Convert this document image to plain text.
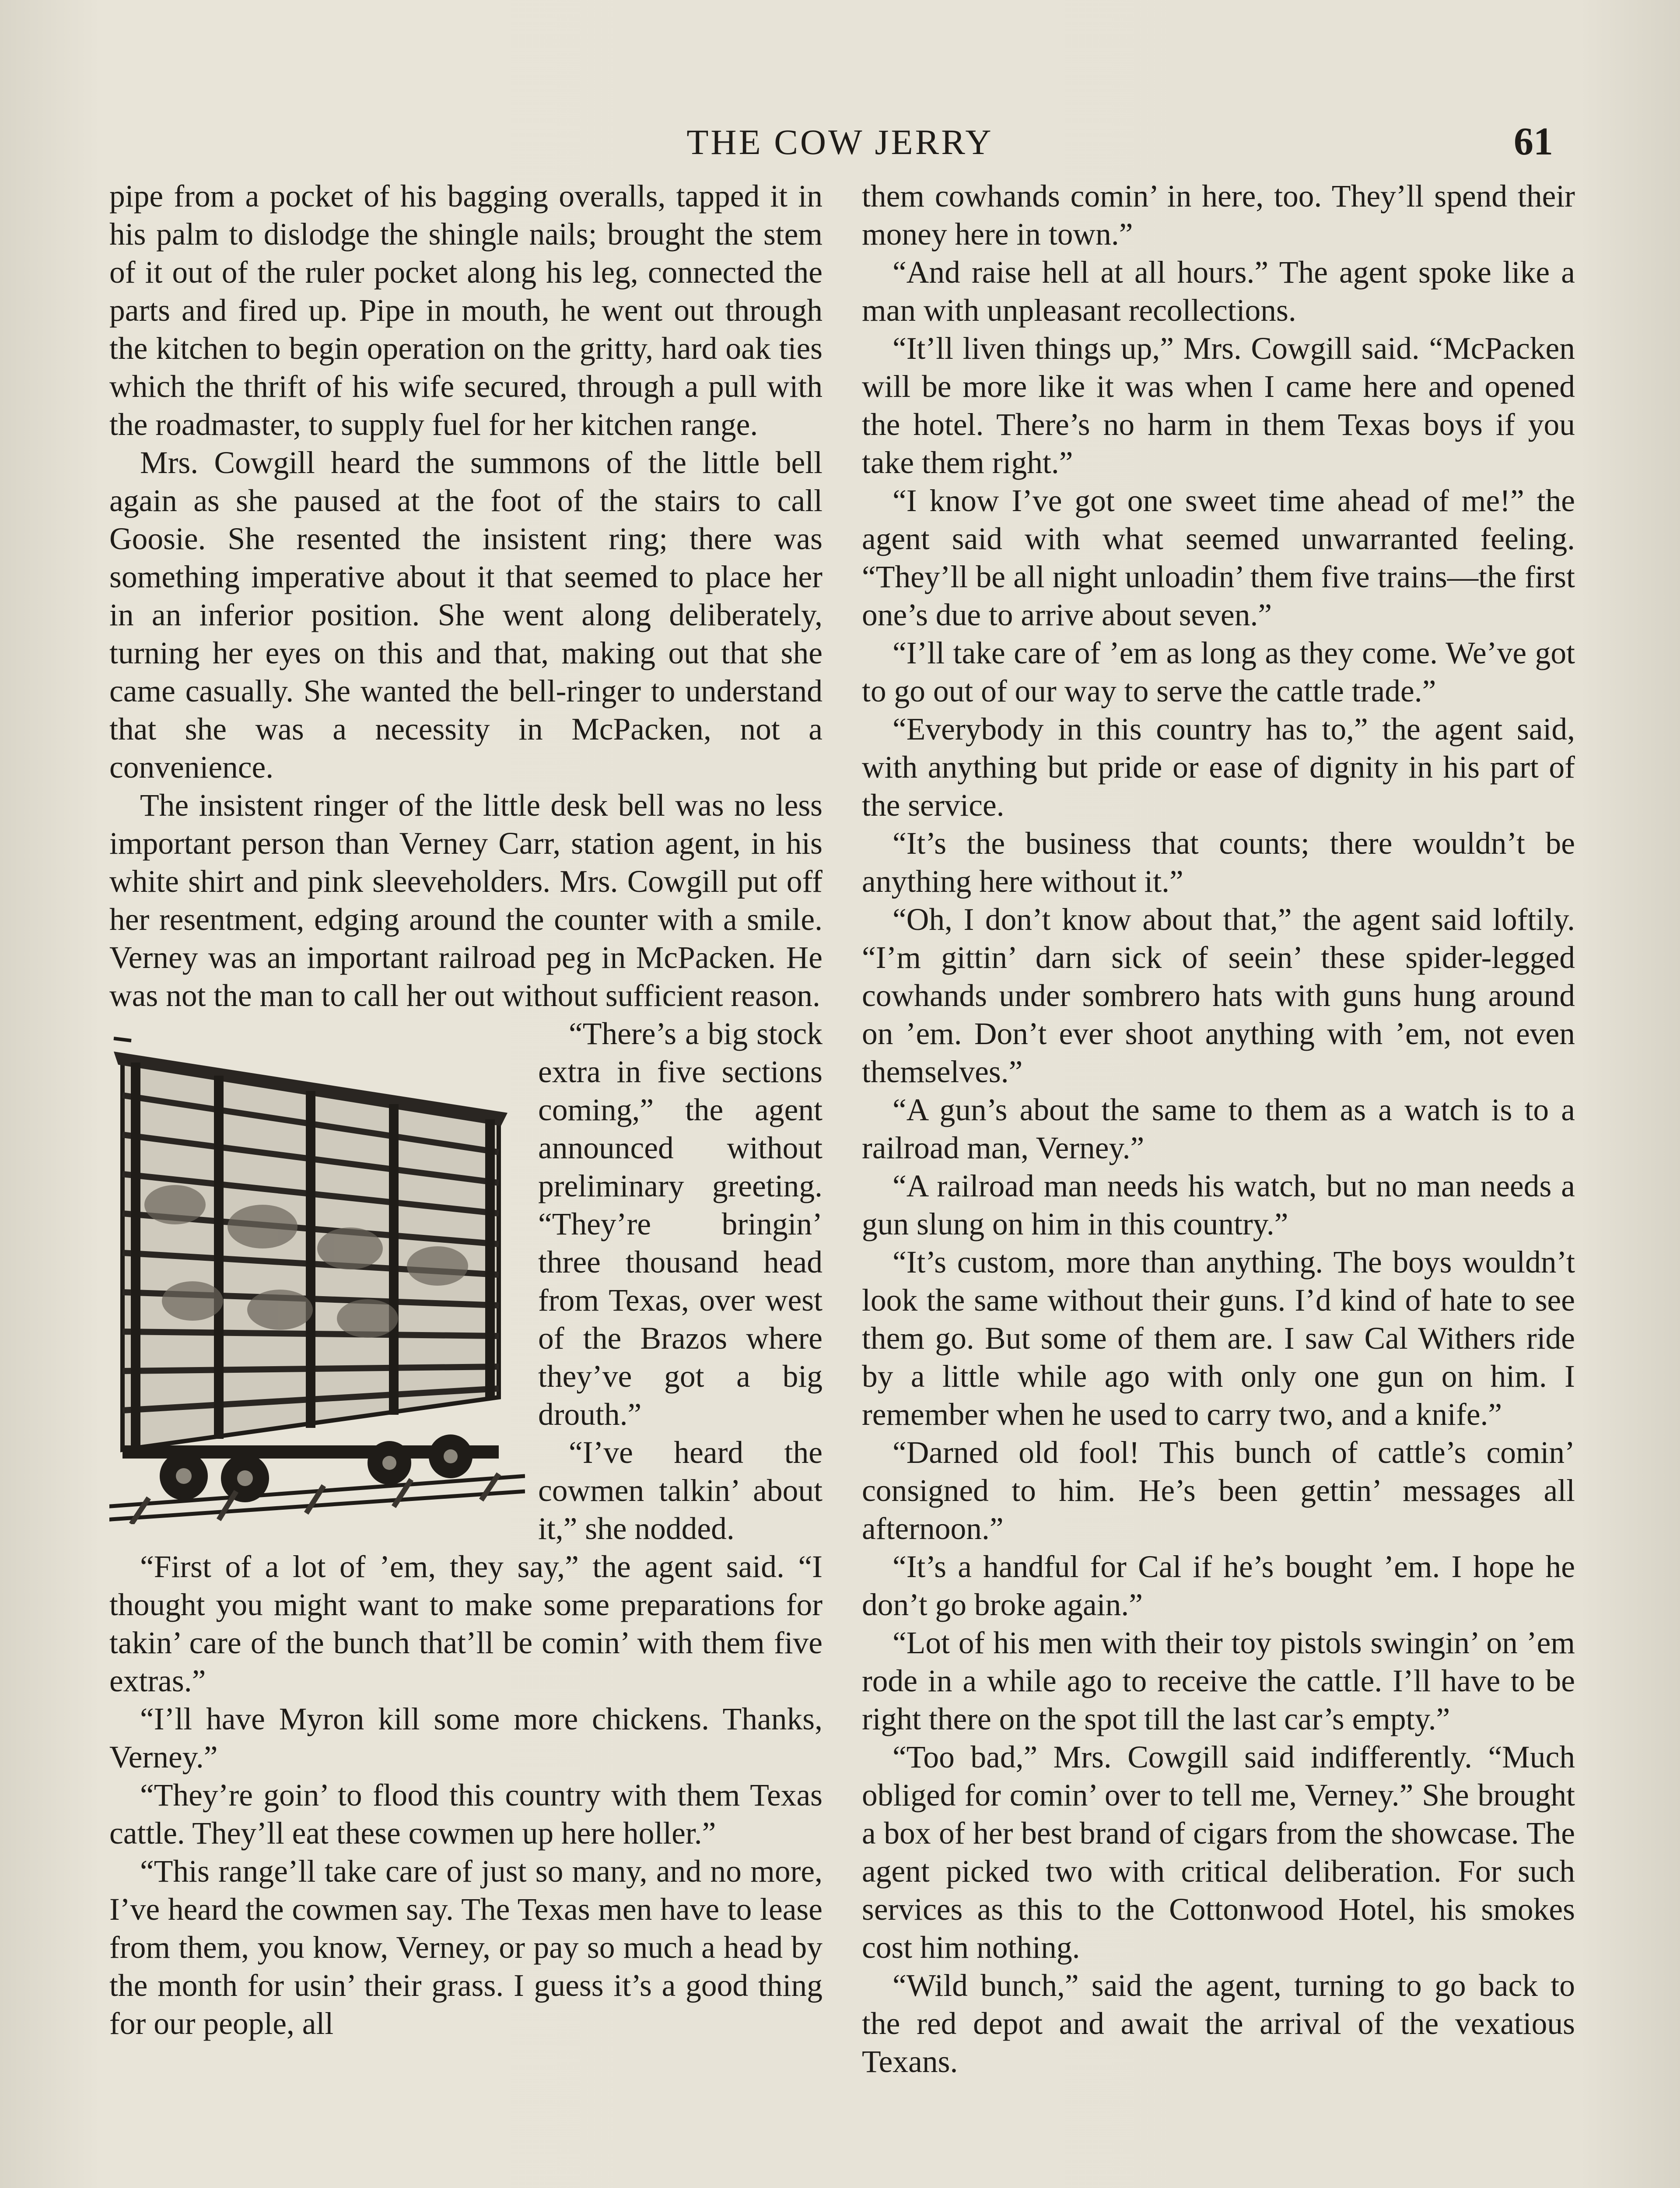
THE COW JERRY	61

pipe from a pocket of his bagging overalls, tapped it in his palm to dislodge the shingle nails; brought the stem of it out of the ruler pocket along his leg, connected the parts and fired up. Pipe in mouth, he went out through the kitchen to begin operation on the gritty, hard oak ties which the thrift of his wife secured, through a pull with the roadmaster, to supply fuel for her kitchen range.

Mrs. Cowgill heard the summons of the little bell again as she paused at the foot of the stairs to call Goosie. She resented the insistent ring; there was something imperative about it that seemed to place her in an inferior position. She went along deliberately, turning her eyes on this and that, making out that she came casually. She wanted the bell-ringer to understand that she was a necessity in McPacken, not a convenience.

The insistent ringer of the little desk bell was no less important person than Verney Carr, station agent, in his white shirt and pink sleeveholders. Mrs. Cowgill put off her resentment, edging around the counter with a smile. Verney was an important railroad peg in McPacken. He was not the man to call her out without sufficient reason.

“There’s a big stock extra in five sections coming,” the agent announced without preliminary greeting. “They’re bringin’ three thousand head from Texas, over west of the Brazos where they’ve got a big drouth.”

“I’ve heard the cowmen talkin’ about it,” she nodded.

“First of a lot of ’em, they say,” the agent said. “I thought you might want to make some preparations for takin’ care of the bunch that’ll be comin’ with them five extras.”

“I’ll have Myron kill some more chickens. Thanks, Verney.”

“They’re goin’ to flood this country with them Texas cattle. They’ll eat these cowmen up here holler.”

“This range’ll take care of just so many, and no more, I’ve heard the cowmen say. The Texas men have to lease from them, you know, Verney, or pay so much a head by the month for usin’ their grass. I guess it’s a good thing for our people, all

them cowhands comin’ in here, too. They’ll spend their money here in town.”

“And raise hell at all hours.” The agent spoke like a man with unpleasant recollections.

“It’ll liven things up,” Mrs. Cowgill said. “McPacken will be more like it was when I came here and opened the hotel. There’s no harm in them Texas boys if you take them right.”

“I know I’ve got one sweet time ahead of me!” the agent said with what seemed unwarranted feeling. “They’ll be all night unloadin’ them five trains—the first one’s due to arrive about seven.”

“I’ll take care of ’em as long as they come. We’ve got to go out of our way to serve the cattle trade.”

“Everybody in this country has to,” the agent said, with anything but pride or ease of dignity in his part of the service.

“It’s the business that counts; there wouldn’t be anything here without it.”

“Oh, I don’t know about that,” the agent said loftily. “I’m gittin’ darn sick of seein’ these spider-legged cowhands under sombrero hats with guns hung around on ’em. Don’t ever shoot anything with ’em, not even themselves.”

“A gun’s about the same to them as a watch is to a railroad man, Verney.”

“A railroad man needs his watch, but no man needs a gun slung on him in this country.”

“It’s custom, more than anything. The boys wouldn’t look the same without their guns. I’d kind of hate to see them go. But some of them are. I saw Cal Withers ride by a little while ago with only one gun on him. I remember when he used to carry two, and a knife.”

“Darned old fool! This bunch of cattle’s comin’ consigned to him. He’s been gettin’ messages all afternoon.”

“It’s a handful for Cal if he’s bought ’em. I hope he don’t go broke again.”

“Lot of his men with their toy pistols swingin’ on ’em rode in a while ago to receive the cattle. I’ll have to be right there on the spot till the last car’s empty.”

“Too bad,” Mrs. Cowgill said indifferently. “Much obliged for comin’ over to tell me, Verney.” She brought a box of her best brand of cigars from the showcase. The agent picked two with critical deliberation. For such services as this to the Cottonwood Hotel, his smokes cost him nothing.

“Wild bunch,” said the agent, turning to go back to the red depot and await the arrival of the vexatious Texans.
